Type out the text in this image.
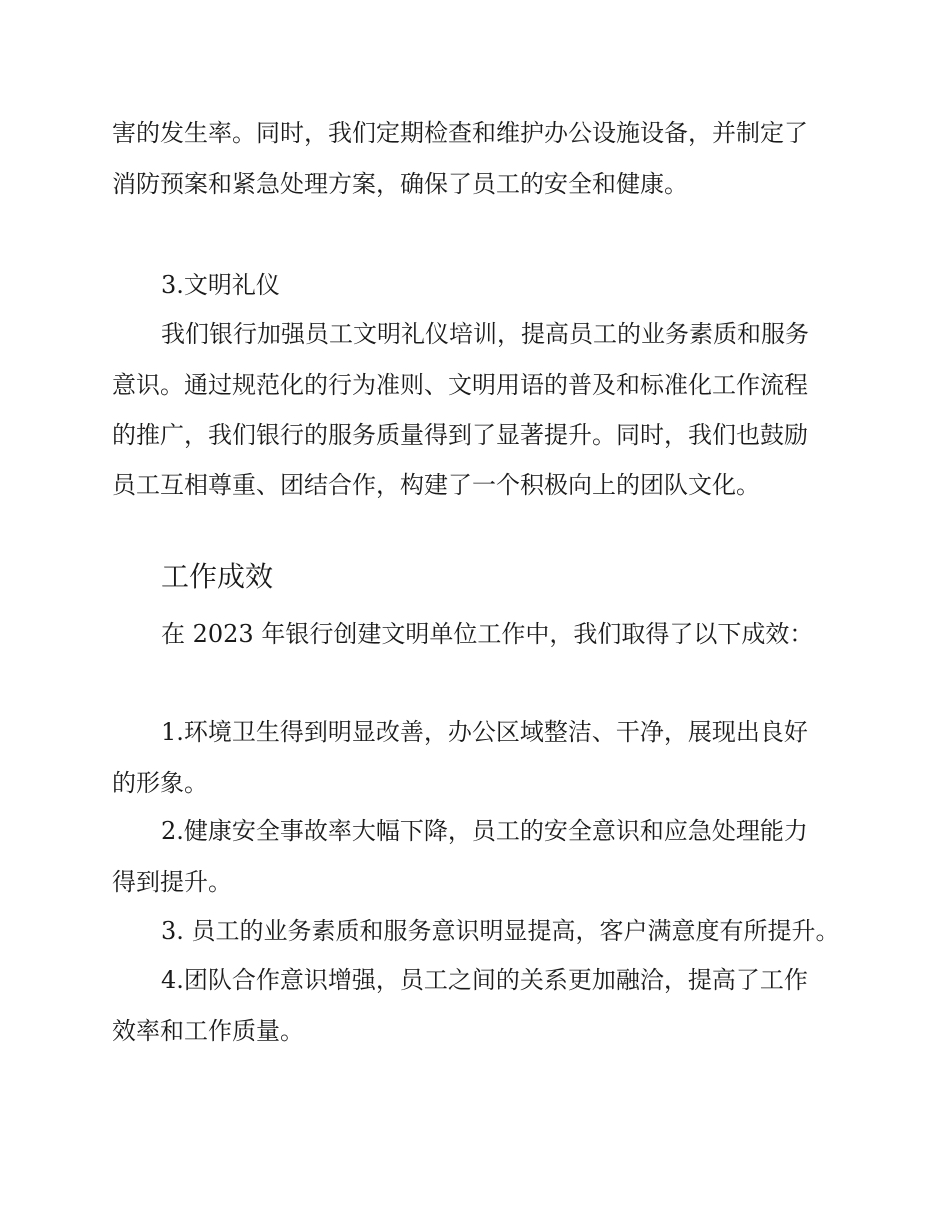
害的发生率。同时，我们定期检查和维护办公设施设备，并制定了
消防预案和紧急处理方案，确保了员工的安全和健康。
3.文明礼仪
我们银行加强员工文明礼仪培训，提高员工的业务素质和服务
意识。通过规范化的行为准则、文明用语的普及和标准化工作流程
的推广，我们银行的服务质量得到了显著提升。同时，我们也鼓励
员工互相尊重、团结合作，构建了一个积极向上的团队文化。
工作成效
在 2023 年银行创建文明单位工作中，我们取得了以下成效：
1.环境卫生得到明显改善，办公区域整洁、干净，展现出良好
的形象。
2.健康安全事故率大幅下降，员工的安全意识和应急处理能力
得到提升。
3. 员工的业务素质和服务意识明显提高，客户满意度有所提升。
4.团队合作意识增强，员工之间的关系更加融洽，提高了工作
效率和工作质量。
